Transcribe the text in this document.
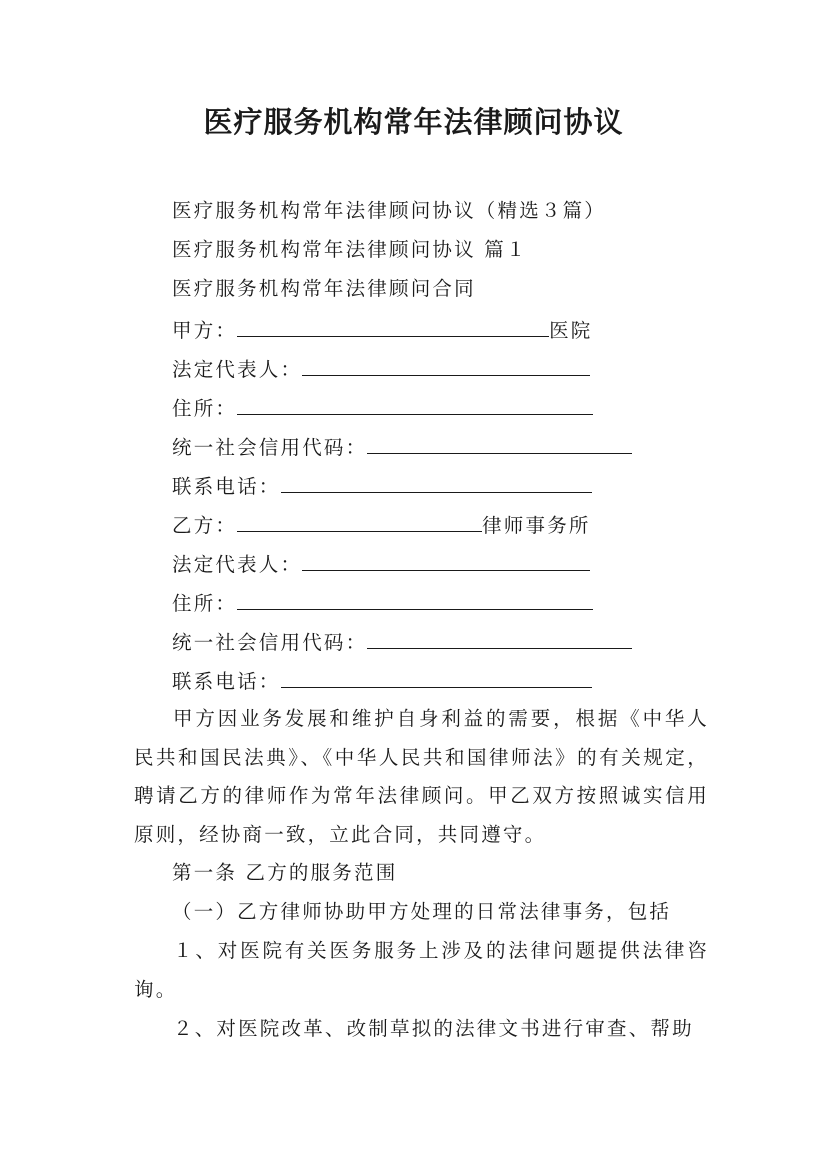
医疗服务机构常年法律顾问协议
医疗服务机构常年法律顾问协议（精选３篇）
医疗服务机构常年法律顾问协议 篇１
医疗服务机构常年法律顾问合同
甲方：	医院
法定代表人：
住所：
统一社会信用代码：
联系电话：
乙方：	律师事务所
法定代表人：
住所：
统一社会信用代码：
联系电话：

甲方因业务发展和维护自身利益的需要，根据《中华人民共和国民法典》、《中华人民共和国律师法》的有关规定，聘请乙方的律师作为常年法律顾问。甲乙双方按照诚实信用原则，经协商一致，立此合同，共同遵守。

第一条 乙方的服务范围
（一）乙方律师协助甲方处理的日常法律事务，包括

１、对医院有关医务服务上涉及的法律问题提供法律咨询。

２、对医院改革、改制草拟的法律文书进行审查、帮助
